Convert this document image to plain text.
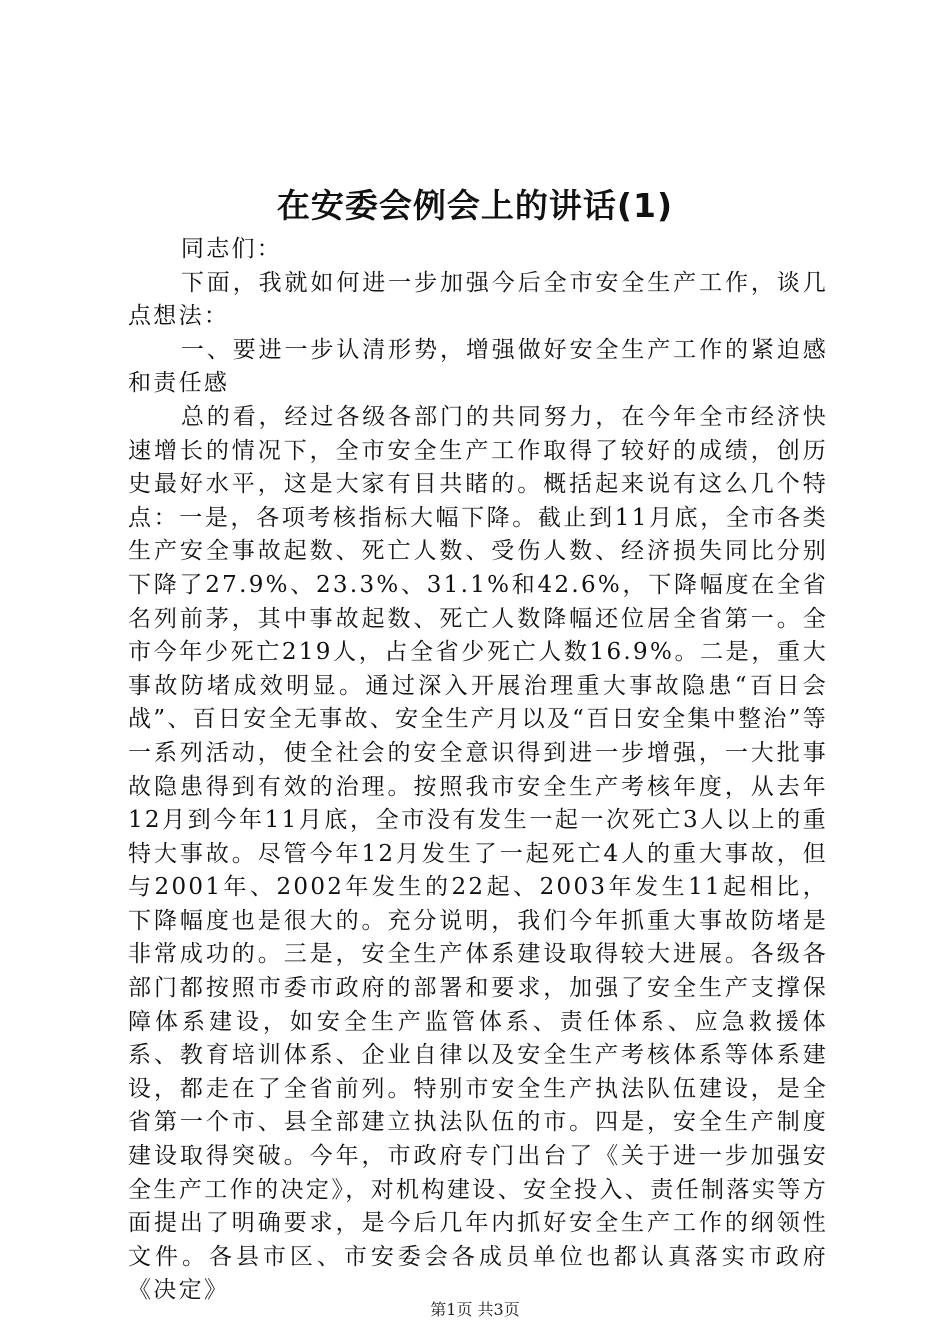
在安委会例会上的讲话(1)

同志们：

下面，我就如何进一步加强今后全市安全生产工作，谈几点想法：

一、要进一步认清形势，增强做好安全生产工作的紧迫感和责任感

总的看，经过各级各部门的共同努力，在今年全市经济快速增长的情况下，全市安全生产工作取得了较好的成绩，创历史最好水平，这是大家有目共睹的。概括起来说有这么几个特点：一是，各项考核指标大幅下降。截止到11月底，全市各类生产安全事故起数、死亡人数、受伤人数、经济损失同比分别下降了27.9%、23.3%、31.1%和42.6%，下降幅度在全省名列前茅，其中事故起数、死亡人数降幅还位居全省第一。全市今年少死亡219人，占全省少死亡人数16.9%。二是，重大事故防堵成效明显。通过深入开展治理重大事故隐患“百日会战”、百日安全无事故、安全生产月以及“百日安全集中整治”等一系列活动，使全社会的安全意识得到进一步增强，一大批事故隐患得到有效的治理。按照我市安全生产考核年度，从去年12月到今年11月底，全市没有发生一起一次死亡3人以上的重特大事故。尽管今年12月发生了一起死亡4人的重大事故，但与2001年、2002年发生的22起、2003年发生11起相比，下降幅度也是很大的。充分说明，我们今年抓重大事故防堵是非常成功的。三是，安全生产体系建设取得较大进展。各级各部门都按照市委市政府的部署和要求，加强了安全生产支撑保障体系建设，如安全生产监管体系、责任体系、应急救援体系、教育培训体系、企业自律以及安全生产考核体系等体系建设，都走在了全省前列。特别市安全生产执法队伍建设，是全省第一个市、县全部建立执法队伍的市。四是，安全生产制度建设取得突破。今年，市政府专门出台了《关于进一步加强安全生产工作的决定》，对机构建设、安全投入、责任制落实等方面提出了明确要求，是今后几年内抓好安全生产工作的纲领性文件。各县市区、市安委会各成员单位也都认真落实市政府《决定》

第1页 共3页
